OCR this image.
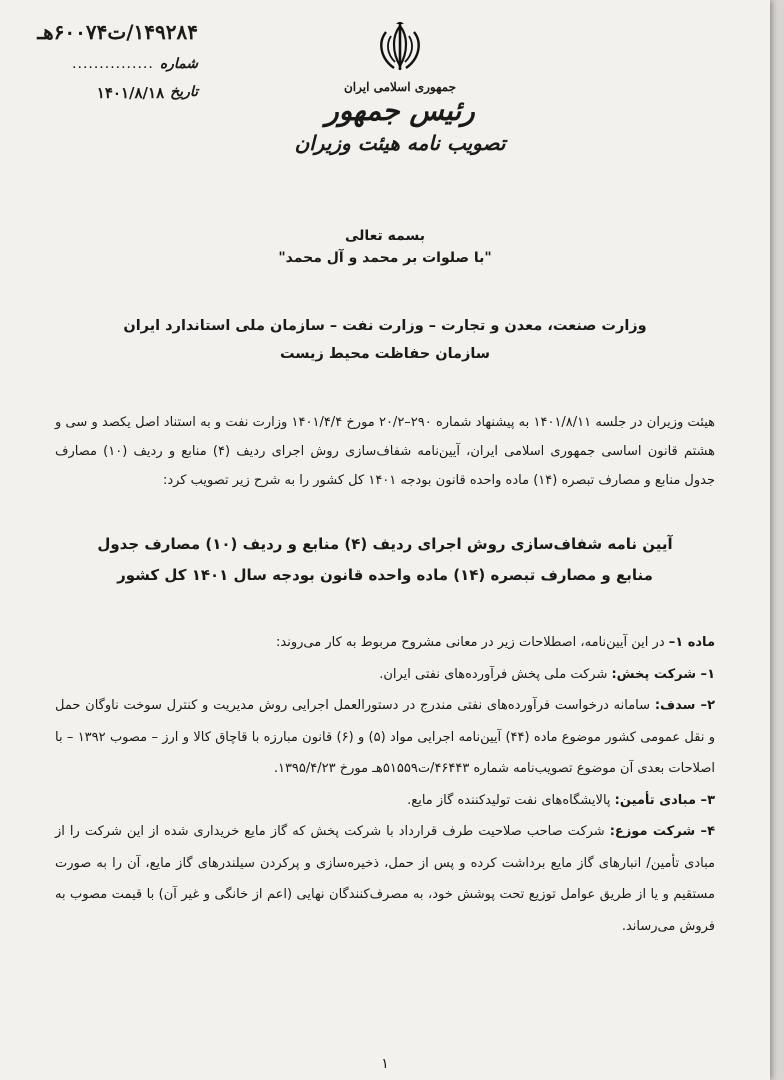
۱۴۹۲۸۴/ت۶۰۰۷۴هـ
شماره
...............
تاریخ
۱۴۰۱/۸/۱۸	جمهوری اسلامی ایران
رئیس جمهور
تصویب نامه هیئت وزیران
بسمه تعالی
"با صلوات بر محمد و آل محمد"
وزارت صنعت، معدن و تجارت – وزارت نفت – سازمان ملی استاندارد ایران
سازمان حفاظت محیط زیست
هیئت وزیران در جلسه ۱۴۰۱/۸/۱۱ به پیشنهاد شماره ۲۹۰–۲۰/۲ مورخ ۱۴۰۱/۴/۴ وزارت نفت و به استناد اصل یکصد و سی و هشتم قانون اساسی جمهوری اسلامی ایران، آیین‌نامه شفاف‌سازی روش اجرای ردیف (۴) منابع و ردیف (۱۰) مصارف جدول منابع و مصارف تبصره (۱۴) ماده واحده قانون بودجه ۱۴۰۱ کل کشور را به شرح زیر تصویب کرد:
آیین نامه شفاف‌سازی روش اجرای ردیف (۴) منابع و ردیف (۱۰) مصارف جدول
منابع و مصارف تبصره (۱۴) ماده واحده قانون بودجه سال ۱۴۰۱ کل کشور

ماده ۱– در این آیین‌نامه، اصطلاحات زیر در معانی مشروح مربوط به کار می‌روند:

۱– شرکت پخش: شرکت ملی پخش فرآورده‌های نفتی ایران.

۲– سدف: سامانه درخواست فرآورده‌های نفتی مندرج در دستورالعمل اجرایی روش مدیریت و کنترل سوخت ناوگان حمل و نقل عمومی کشور موضوع ماده (۴۴) آیین‌نامه اجرایی مواد (۵) و (۶) قانون مبارزه با قاچاق کالا و ارز – مصوب ۱۳۹۲ – با اصلاحات بعدی آن موضوع تصویب‌نامه شماره ۴۶۴۴۳/ت۵۱۵۵۹هـ مورخ ۱۳۹۵/۴/۲۳.

۳– مبادی تأمین: پالایشگاه‌های نفت تولیدکننده گاز مایع.

۴– شرکت موزع: شرکت صاحب صلاحیت طرف قرارداد با شرکت پخش که گاز مایع خریداری شده از این شرکت را از مبادی تأمین/ انبارهای گاز مایع برداشت کرده و پس از حمل، ذخیره‌سازی و پرکردن سیلندرهای گاز مایع، آن را به صورت مستقیم و یا از طریق عوامل توزیع تحت پوشش خود، به مصرف‌کنندگان نهایی (اعم از خانگی و غیر آن) با قیمت مصوب به فروش می‌رساند.

۱
